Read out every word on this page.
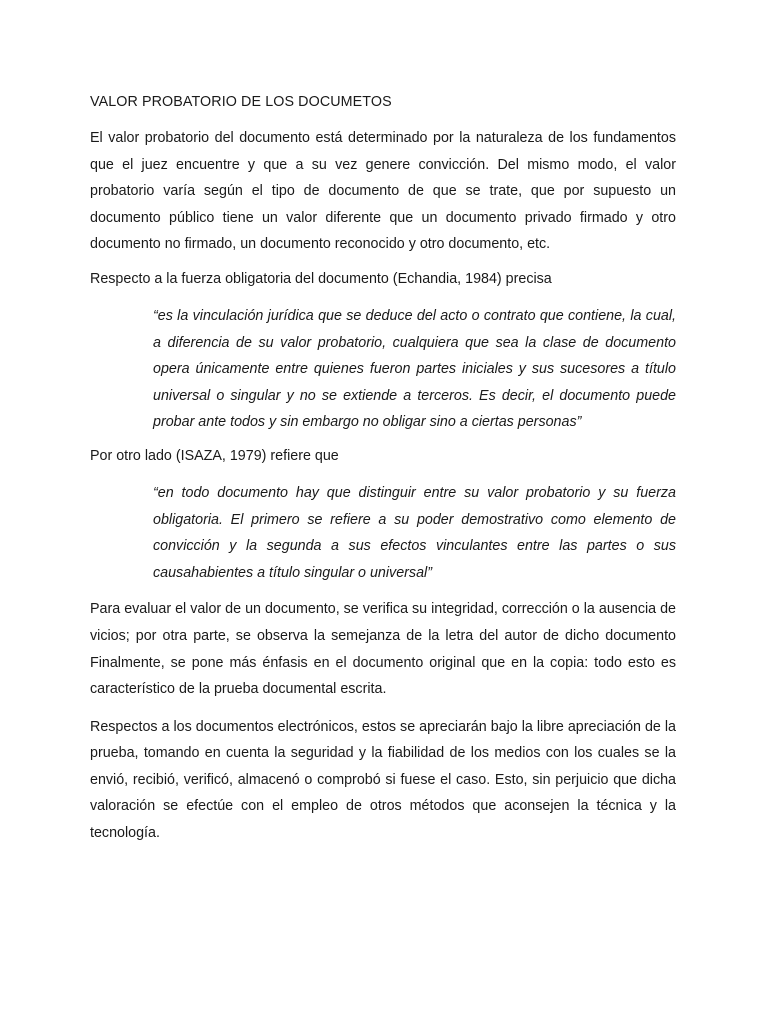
VALOR PROBATORIO DE LOS DOCUMETOS

El valor probatorio del documento está determinado por la naturaleza de los fundamentos que el juez encuentre y que a su vez genere convicción. Del mismo modo, el valor probatorio varía según el tipo de documento de que se trate, que por supuesto un documento público tiene un valor diferente que un documento privado firmado y otro documento no firmado, un documento reconocido y otro documento, etc.

Respecto a la fuerza obligatoria del documento (Echandia, 1984) precisa

“es la vinculación jurídica que se deduce del acto o contrato que contiene, la cual, a diferencia de su valor probatorio, cualquiera que sea la clase de documento opera únicamente entre quienes fueron partes iniciales y sus sucesores a título universal o singular y no se extiende a terceros. Es decir, el documento puede probar ante todos y sin embargo no obligar sino a ciertas personas”

Por otro lado (ISAZA, 1979) refiere que

“en todo documento hay que distinguir entre su valor probatorio y su fuerza obligatoria. El primero se refiere a su poder demostrativo como elemento de convicción y la segunda a sus efectos vinculantes entre las partes o sus causahabientes a título singular o universal”

Para evaluar el valor de un documento, se verifica su integridad, corrección o la ausencia de vicios; por otra parte, se observa la semejanza de la letra del autor de dicho documento Finalmente, se pone más énfasis en el documento original que en la copia: todo esto es característico de la prueba documental escrita.

Respectos a los documentos electrónicos, estos se apreciarán bajo la libre apreciación de la prueba, tomando en cuenta la seguridad y la fiabilidad de los medios con los cuales se la envió, recibió, verificó, almacenó o comprobó si fuese el caso. Esto, sin perjuicio que dicha valoración se efectúe con el empleo de otros métodos que aconsejen la técnica y la tecnología.
